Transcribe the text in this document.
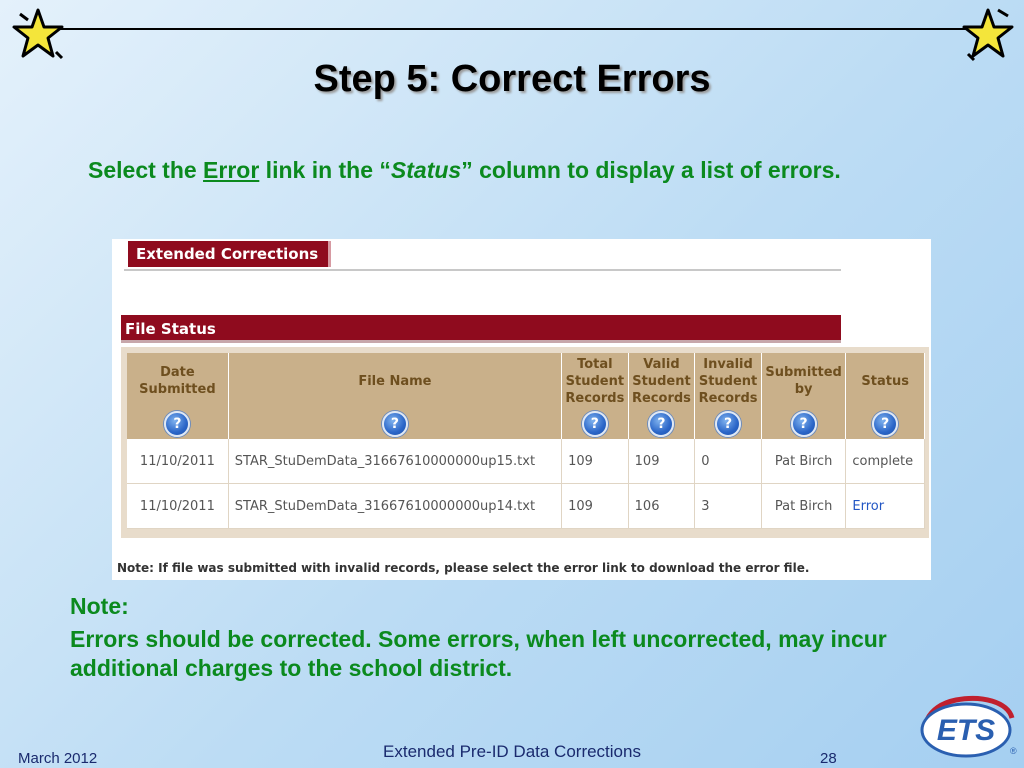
Step 5: Correct Errors
Select the Error link in the “Status” column to display a list of errors.
Extended Corrections
File Status
Date Submitted	File Name	Total Student Records	Valid Student Records	Invalid Student Records	Submitted by	Status
?	?	?	?	?	?	?
11/10/2011	STAR_StuDemData_31667610000000up15.txt	109	109	0	Pat Birch	complete
11/10/2011	STAR_StuDemData_31667610000000up14.txt	109	106	3	Pat Birch	Error
Note: If file was submitted with invalid records, please select the error link to download the error file.
Note:
Errors should be corrected. Some errors, when left uncorrected, may incur additional charges to the school district.
March 2012	Extended Pre-ID Data Corrections	28
ETS
®
